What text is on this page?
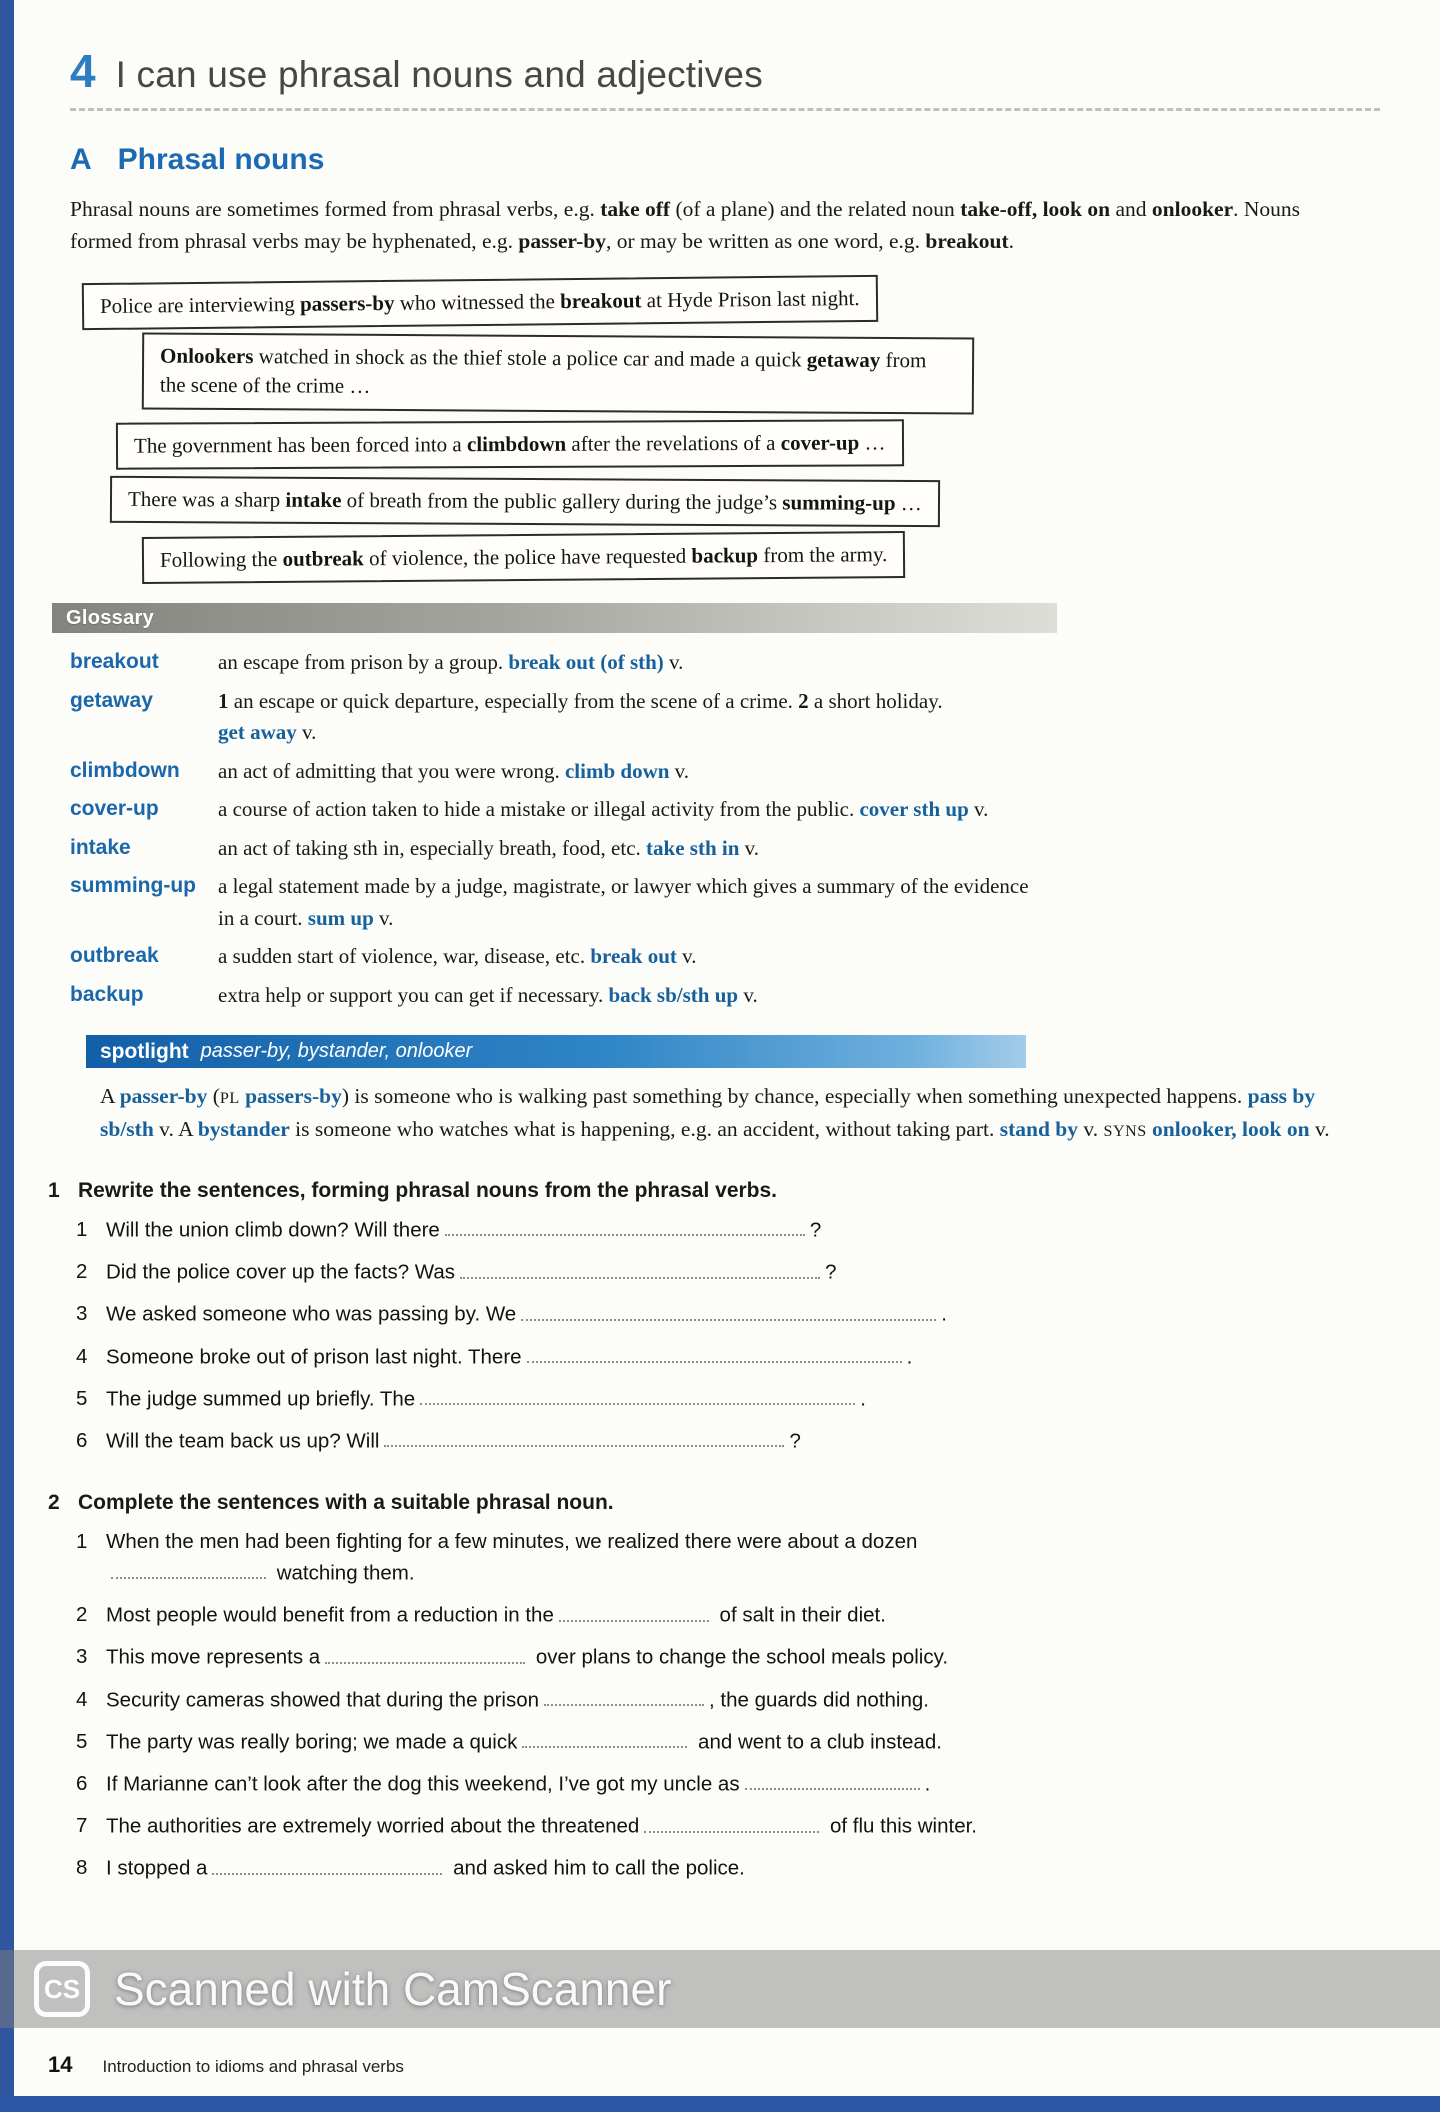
4 I can use phrasal nouns and adjectives
A Phrasal nouns

Phrasal nouns are sometimes formed from phrasal verbs, e.g. take off (of a plane) and the related noun take-off, look on and onlooker. Nouns formed from phrasal verbs may be hyphenated, e.g. passer-by, or may be written as one word, e.g. breakout.

Police are interviewing passers-by who witnessed the breakout at Hyde Prison last night.
Onlookers watched in shock as the thief stole a police car and made a quick getaway from the scene of the crime …
The government has been forced into a climbdown after the revelations of a cover-up …
There was a sharp intake of breath from the public gallery during the judge’s summing-up …
Following the outbreak of violence, the police have requested backup from the army.
Glossary
breakout	an escape from prison by a group. break out (of sth) v.
getaway	1 an escape or quick departure, especially from the scene of a crime. 2 a short holiday.
get away v.
climbdown	an act of admitting that you were wrong. climb down v.
cover-up	a course of action taken to hide a mistake or illegal activity from the public. cover sth up v.
intake	an act of taking sth in, especially breath, food, etc. take sth in v.
summing-up	a legal statement made by a judge, magistrate, or lawyer which gives a summary of the evidence
in a court. sum up v.
outbreak	a sudden start of violence, war, disease, etc. break out v.
backup	extra help or support you can get if necessary. back sb/sth up v.
spotlight passer-by, bystander, onlooker

A passer-by (PL passers-by) is someone who is walking past something by chance, especially when something unexpected happens. pass by sb/sth v. A bystander is someone who watches what is happening, e.g. an accident, without taking part. stand by v. SYNS onlooker, look on v.

1 Rewrite the sentences, forming phrasal nouns from the phrasal verbs.
1 Will the union climb down? Will there	?
2 Did the police cover up the facts? Was	?
3 We asked someone who was passing by. We	.
4 Someone broke out of prison last night. There	.
5 The judge summed up briefly. The	.
6 Will the team back us up? Will	?
2 Complete the sentences with a suitable phrasal noun.
1 When the men had been fighting for a few minutes, we realized there were about a dozen
watching them.
2 Most people would benefit from a reduction in the	of salt in their diet.
3 This move represents a	over plans to change the school meals policy.
4 Security cameras showed that during the prison	, the guards did nothing.
5 The party was really boring; we made a quick	and went to a club instead.
6 If Marianne can’t look after the dog this weekend, I’ve got my uncle as	.
7 The authorities are extremely worried about the threatened	of flu this winter.
8 I stopped a	and asked him to call the police.
CS Scanned with CamScanner
14 Introduction to idioms and phrasal verbs
